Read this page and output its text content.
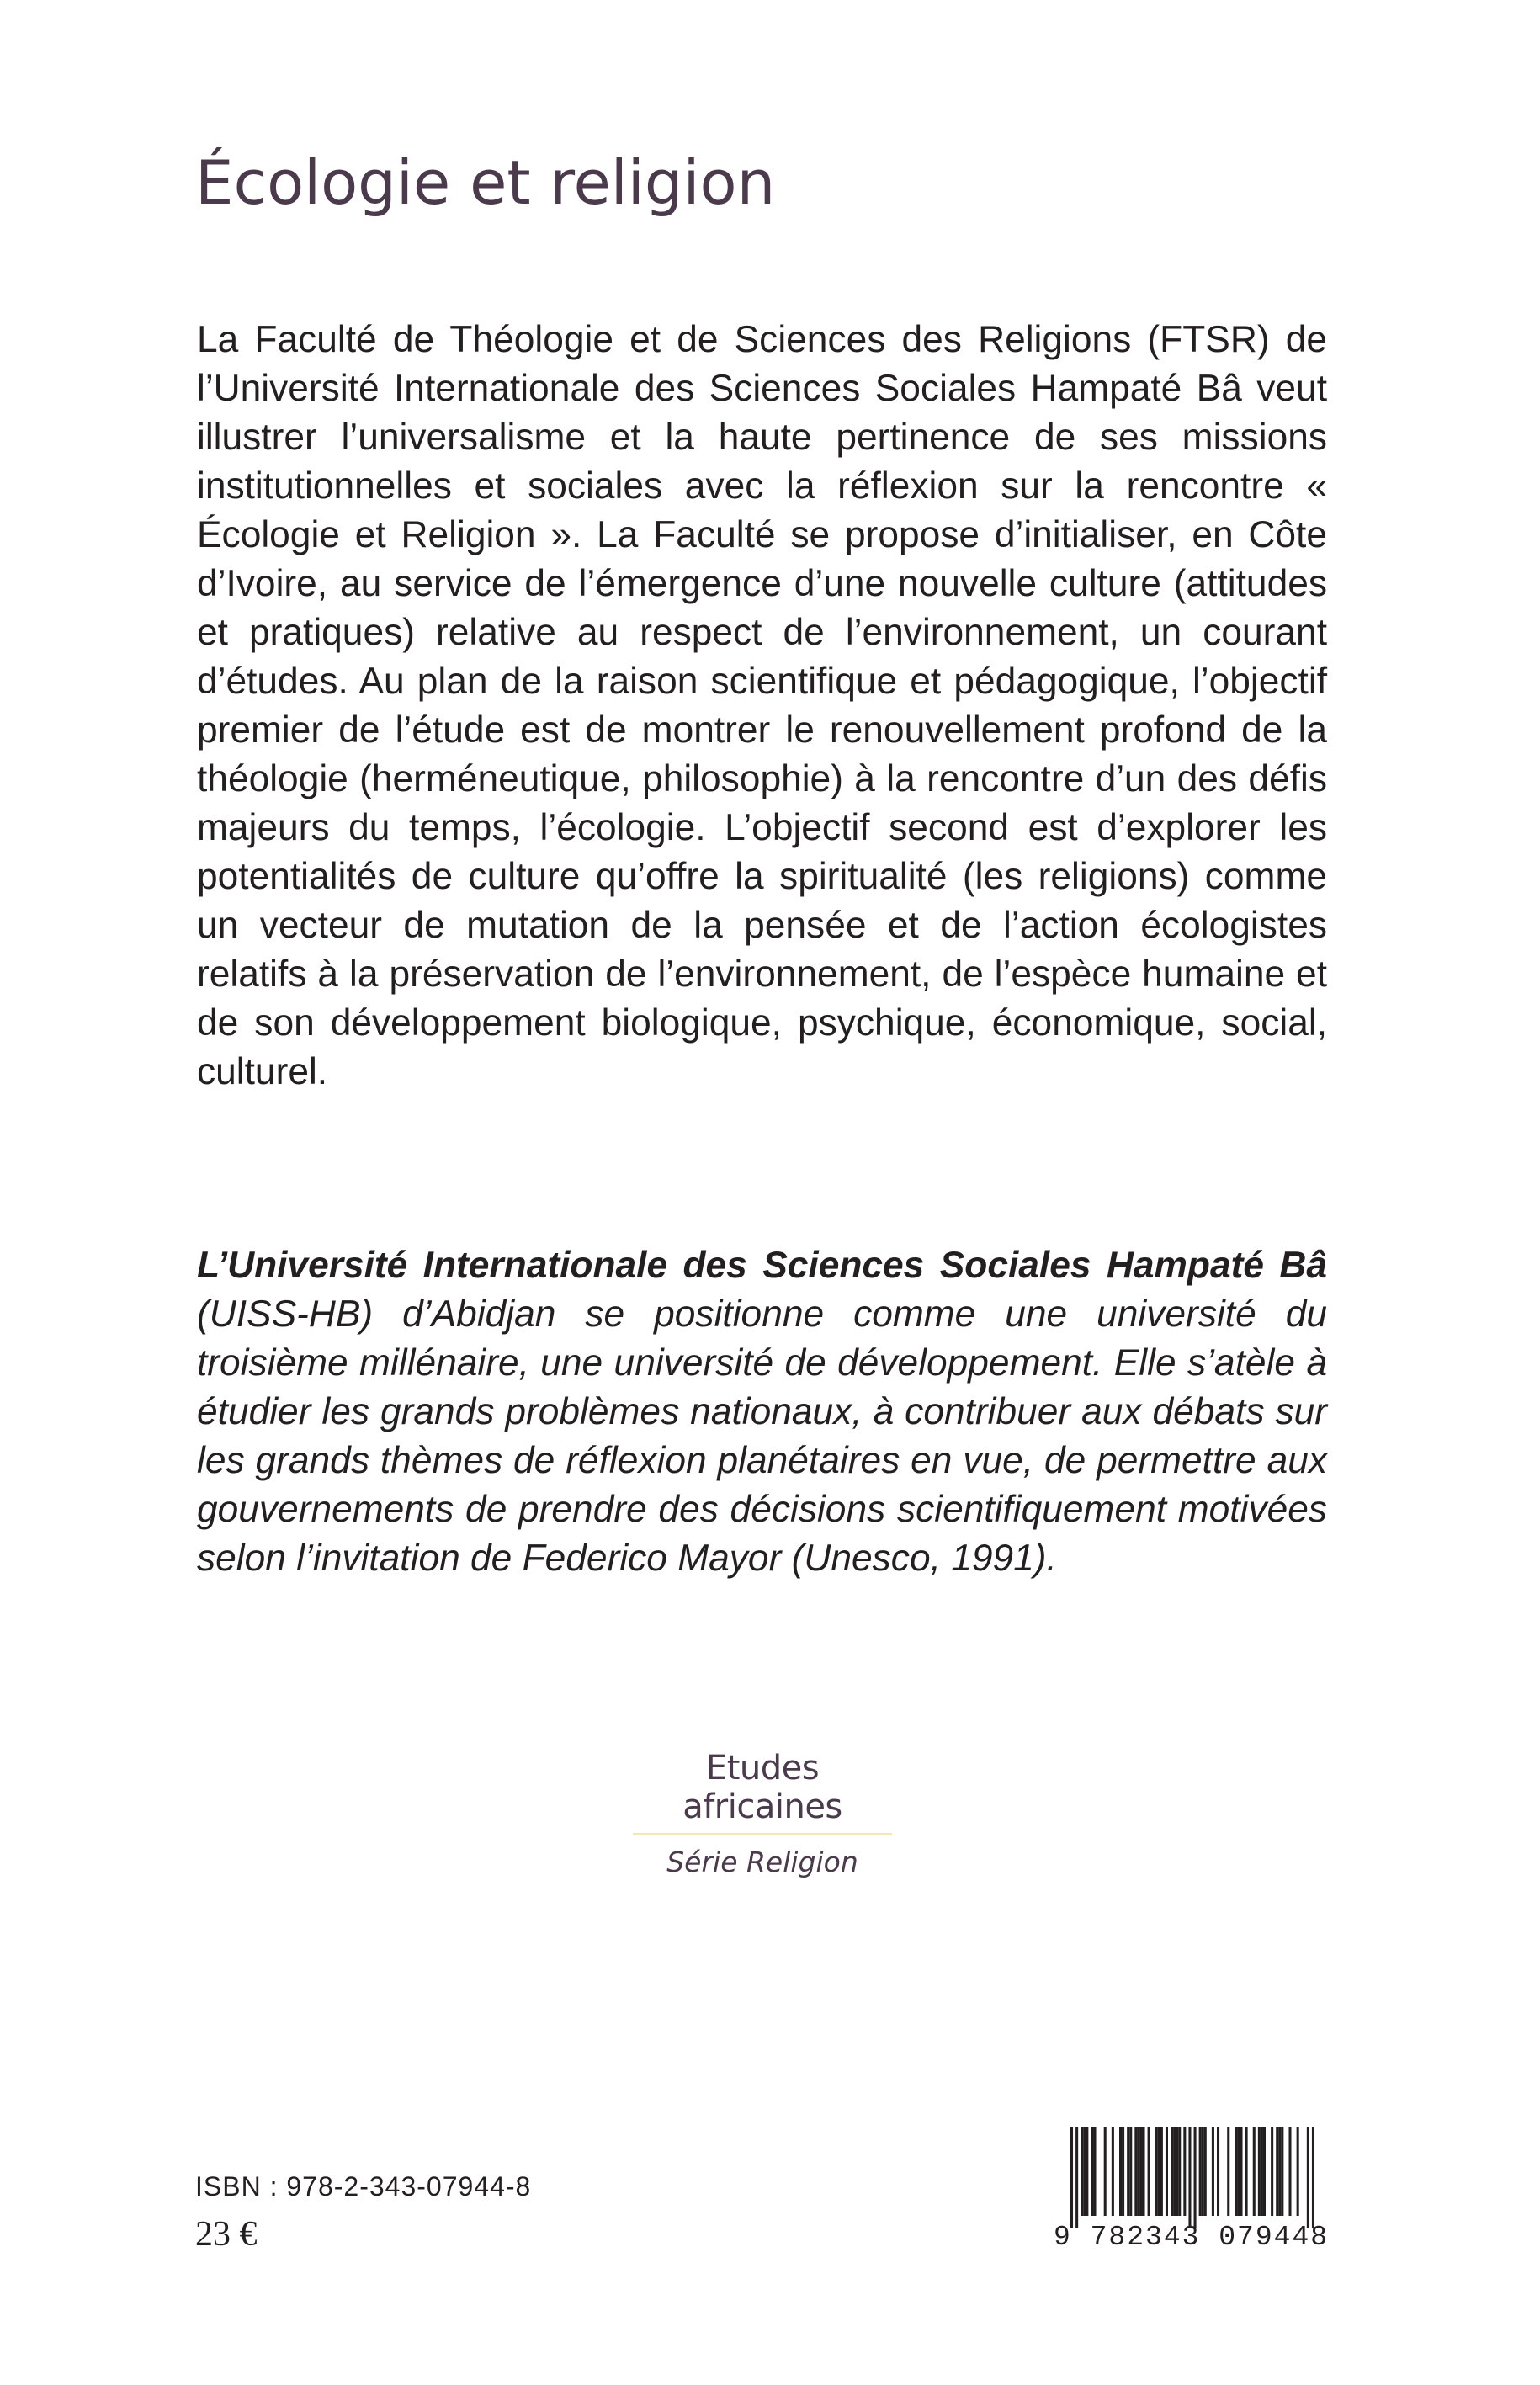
Écologie et religion

La Faculté de Théologie et de Sciences des Religions (FTSR) de l’Université Internationale des Sciences Sociales Hampaté Bâ veut illustrer l’universalisme et la haute pertinence de ses missions institutionnelles et sociales avec la réflexion sur la rencontre « Écologie et Religion ». La Faculté se propose d’initialiser, en Côte d’Ivoire, au service de l’émergence d’une nouvelle culture (attitudes et pratiques) relative au respect de l’environnement, un courant d’études. Au plan de la raison scientifique et pédagogique, l’objectif premier de l’étude est de montrer le renouvellement profond de la théologie (herméneutique, philosophie) à la rencontre d’un des défis majeurs du temps, l’écologie. L’objectif second est d’explorer les potentialités de culture qu’offre la spiritualité (les religions) comme un vecteur de mutation de la pensée et de l’action écologistes relatifs à la préservation de l’environnement, de l’espèce humaine et de son développement biologique, psychique, économique, social, culturel.

L’Université Internationale des Sciences Sociales Hampaté Bâ (UISS-HB) d’Abidjan se positionne comme une université du troisième millénaire, une université de développement. Elle s’atèle à étudier les grands problèmes nationaux, à contribuer aux débats sur les grands thèmes de réflexion planétaires en vue, de permettre aux gouvernements de prendre des décisions scientifiquement motivées selon l’invitation de Federico Mayor (Unesco, 1991).

Etudes africaines
Série Religion
ISBN : 978-2-343-07944-8
23 €	9 782343 079448
